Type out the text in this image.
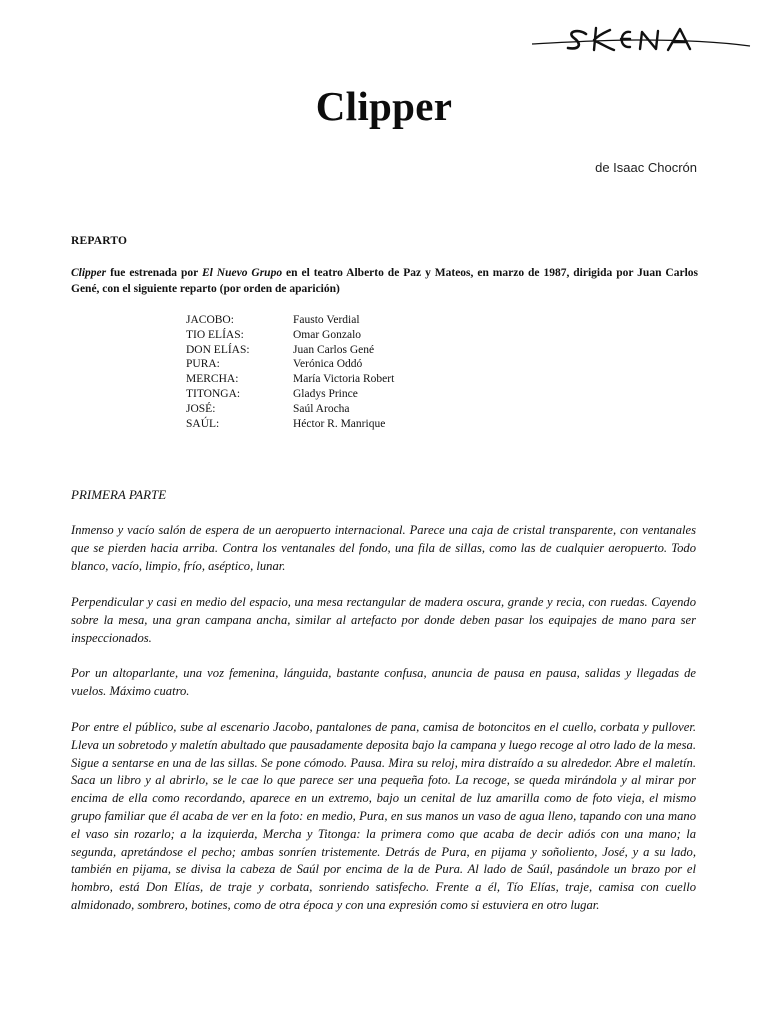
Clipper
de Isaac Chocrón
REPARTO
Clipper fue estrenada por El Nuevo Grupo en el teatro Alberto de Paz y Mateos, en marzo de 1987, dirigida por Juan Carlos Gené, con el siguiente reparto (por orden de aparición)
JACOBO:	Fausto Verdial
TIO ELÍAS:	Omar Gonzalo
DON ELÍAS:	Juan Carlos Gené
PURA:	Verónica Oddó
MERCHA:	María Victoria Robert
TITONGA:	Gladys Prince
JOSÉ:	Saúl Arocha
SAÚL:	Héctor R. Manrique
PRIMERA PARTE

Inmenso y vacío salón de espera de un aeropuerto internacional. Parece una caja de cristal transparente, con ventanales que se pierden hacia arriba. Contra los ventanales del fondo, una fila de sillas, como las de cualquier aeropuerto. Todo blanco, vacío, limpio, frío, aséptico, lunar.

Perpendicular y casi en medio del espacio, una mesa rectangular de madera oscura, grande y recia, con ruedas. Cayendo sobre la mesa, una gran campana ancha, similar al artefacto por donde deben pasar los equipajes de mano para ser inspeccionados.

Por un altoparlante, una voz femenina, lánguida, bastante confusa, anuncia de pausa en pausa, salidas y llegadas de vuelos. Máximo cuatro.

Por entre el público, sube al escenario Jacobo, pantalones de pana, camisa de botoncitos en el cuello, corbata y pullover. Lleva un sobretodo y maletín abultado que pausadamente deposita bajo la campana y luego recoge al otro lado de la mesa. Sigue a sentarse en una de las sillas. Se pone cómodo. Pausa. Mira su reloj, mira distraído a su alrededor. Abre el maletín. Saca un libro y al abrirlo, se le cae lo que parece ser una pequeña foto. La recoge, se queda mirándola y al mirar por encima de ella como recordando, aparece en un extremo, bajo un cenital de luz amarilla como de foto vieja, el mismo grupo familiar que él acaba de ver en la foto: en medio, Pura, en sus manos un vaso de agua lleno, tapando con una mano el vaso sin rozarlo; a la izquierda, Mercha y Titonga: la primera como que acaba de decir adiós con una mano; la segunda, apretándose el pecho; ambas sonríen tristemente. Detrás de Pura, en pijama y soñoliento, José, y a su lado, también en pijama, se divisa la cabeza de Saúl por encima de la de Pura. Al lado de Saúl, pasándole un brazo por el hombro, está Don Elías, de traje y corbata, sonriendo satisfecho. Frente a él, Tío Elías, traje, camisa con cuello almidonado, sombrero, botines, como de otra época y con una expresión como si estuviera en otro lugar.
